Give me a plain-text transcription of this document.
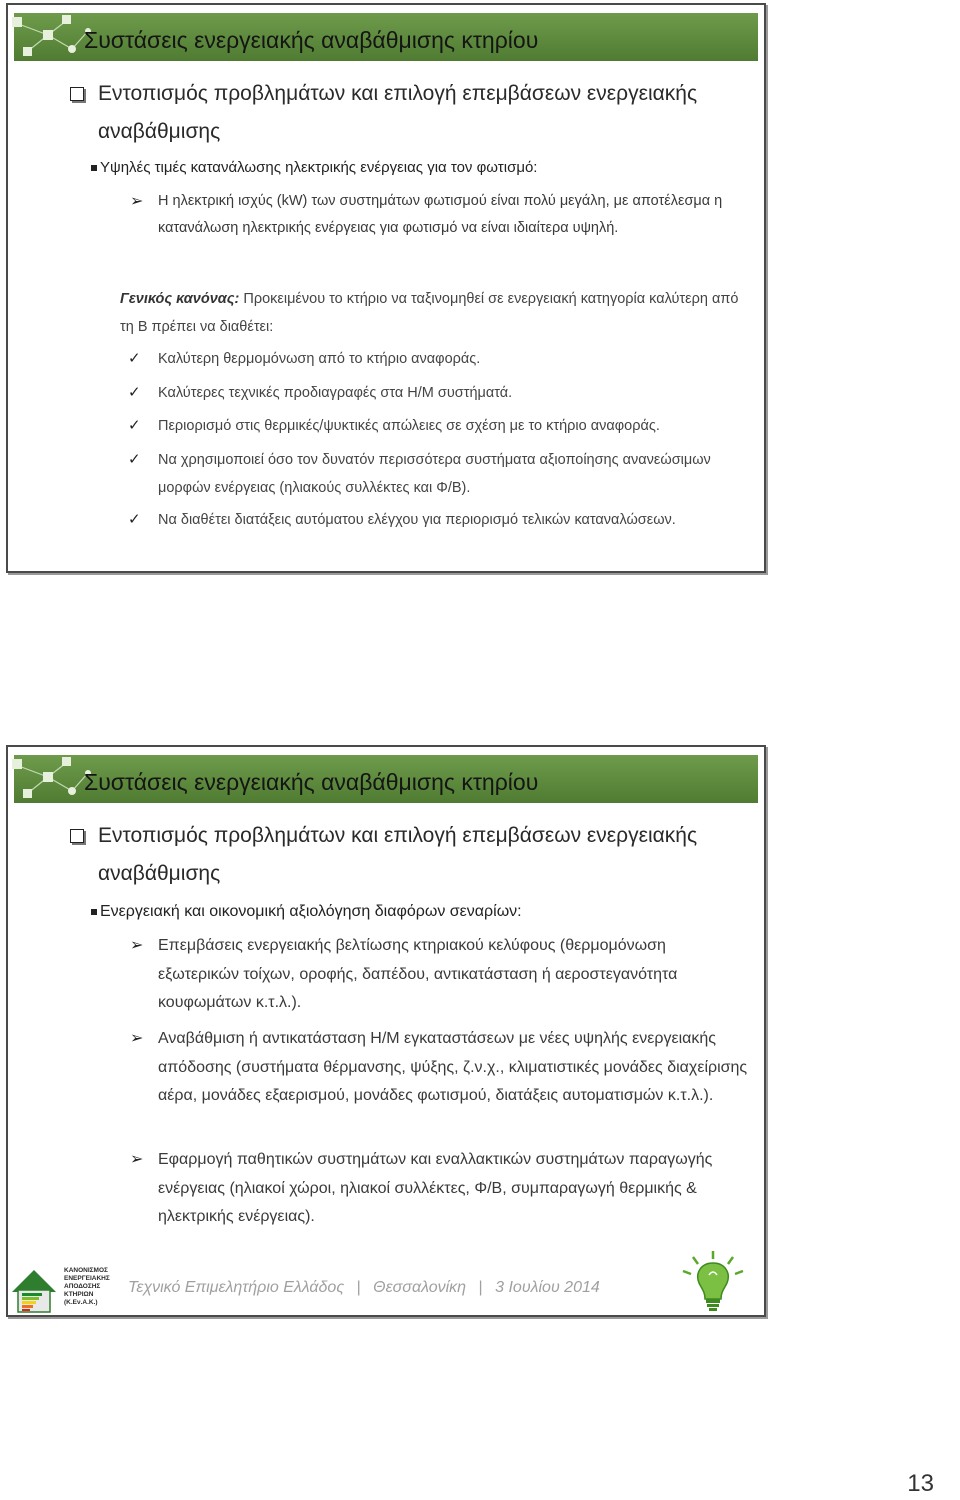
Συστάσεις ενεργειακής αναβάθμισης κτηρίου
Εντοπισμός προβλημάτων και επιλογή επεμβάσεων ενεργειακής αναβάθμισης
Υψηλές τιμές κατανάλωσης ηλεκτρικής ενέργειας για τον φωτισμό:
➢ Η ηλεκτρική ισχύς (kW) των συστημάτων φωτισμού είναι πολύ μεγάλη, με αποτέλεσμα η κατανάλωση ηλεκτρικής ενέργειας για φωτισμό να είναι ιδιαίτερα υψηλή.
Γενικός κανόνας: Προκειμένου το κτήριο να ταξινομηθεί σε ενεργειακή κατηγορία καλύτερη από τη Β πρέπει να διαθέτει:
✓ Καλύτερη θερμομόνωση από το κτήριο αναφοράς.
✓ Καλύτερες τεχνικές προδιαγραφές στα Η/Μ συστήματά.
✓ Περιορισμό στις θερμικές/ψυκτικές απώλειες σε σχέση με το κτήριο αναφοράς.
✓ Να χρησιμοποιεί όσο τον δυνατόν περισσότερα συστήματα αξιοποίησης ανανεώσιμων μορφών ενέργειας (ηλιακούς συλλέκτες και Φ/Β).
✓ Να διαθέτει διατάξεις αυτόματου ελέγχου για περιορισμό τελικών καταναλώσεων.
Συστάσεις ενεργειακής αναβάθμισης κτηρίου
Εντοπισμός προβλημάτων και επιλογή επεμβάσεων ενεργειακής αναβάθμισης
Ενεργειακή και οικονομική αξιολόγηση διαφόρων σεναρίων:
➢ Επεμβάσεις ενεργειακής βελτίωσης κτηριακού κελύφους (θερμομόνωση εξωτερικών τοίχων, οροφής, δαπέδου, αντικατάσταση ή αεροστεγανότητα κουφωμάτων κ.τ.λ.).
➢ Αναβάθμιση ή αντικατάσταση Η/Μ εγκαταστάσεων με νέες υψηλής ενεργειακής απόδοσης (συστήματα θέρμανσης, ψύξης, ζ.ν.χ., κλιματιστικές μονάδες διαχείρισης αέρα, μονάδες εξαερισμού, μονάδες φωτισμού, διατάξεις αυτοματισμών κ.τ.λ.).
➢ Εφαρμογή παθητικών συστημάτων και εναλλακτικών συστημάτων παραγωγής ενέργειας (ηλιακοί χώροι, ηλιακοί συλλέκτες, Φ/Β, συμπαραγωγή θερμικής & ηλεκτρικής ενέργειας).
ΚΑΝΟΝΙΣΜΟΣ
ΕΝΕΡΓΕΙΑΚΗΣ
ΑΠΟΔΟΣΗΣ
ΚΤΗΡΙΩΝ
(Κ.Εν.Α.Κ.)
Τεχνικό Επιμελητήριο Ελλάδος | Θεσσαλονίκη | 3 Ιουλίου 2014
13
